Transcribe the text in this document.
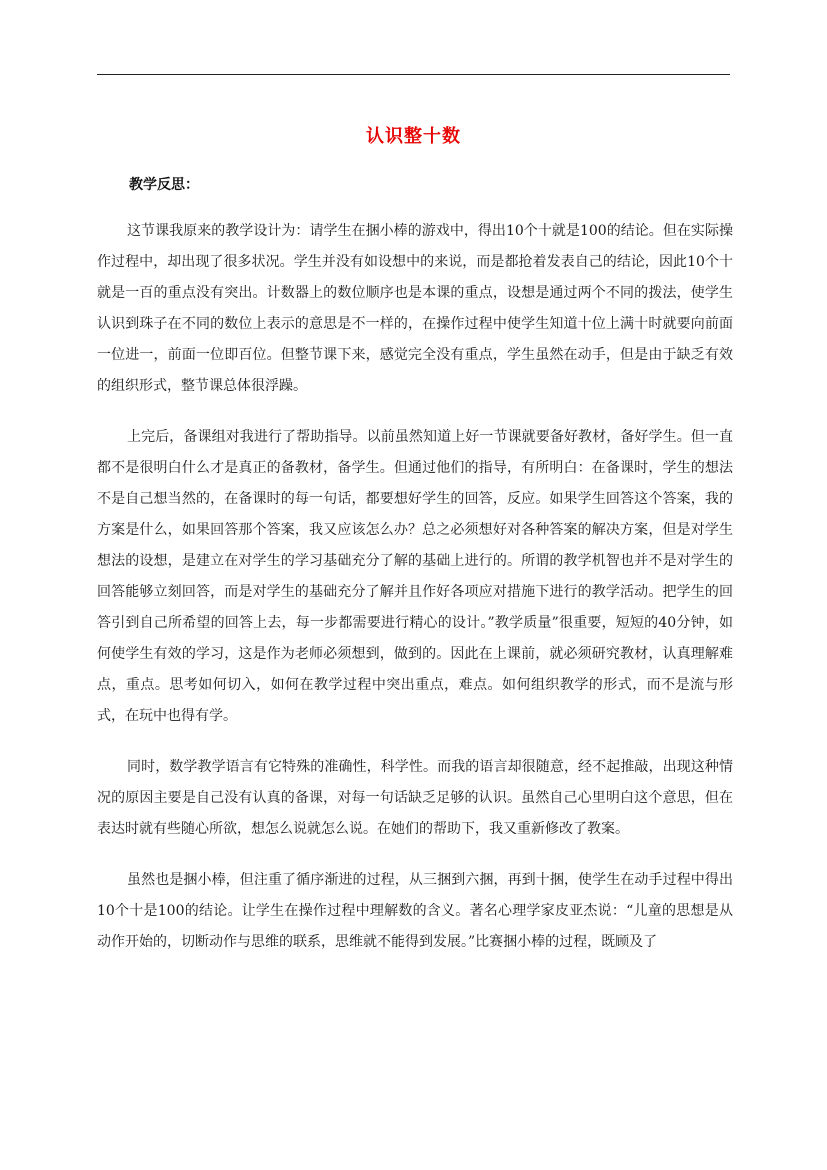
认识整十数
教学反思：

这节课我原来的教学设计为：请学生在捆小棒的游戏中，得出10个十就是100的结论。但在实际操作过程中，却出现了很多状况。学生并没有如设想中的来说，而是都抢着发表自己的结论，因此10个十就是一百的重点没有突出。计数器上的数位顺序也是本课的重点，设想是通过两个不同的拨法，使学生认识到珠子在不同的数位上表示的意思是不一样的，在操作过程中使学生知道十位上满十时就要向前面一位进一，前面一位即百位。但整节课下来，感觉完全没有重点，学生虽然在动手，但是由于缺乏有效的组织形式，整节课总体很浮躁。

上完后，备课组对我进行了帮助指导。以前虽然知道上好一节课就要备好教材，备好学生。但一直都不是很明白什么才是真正的备教材，备学生。但通过他们的指导，有所明白：在备课时，学生的想法不是自己想当然的，在备课时的每一句话，都要想好学生的回答，反应。如果学生回答这个答案，我的方案是什么，如果回答那个答案，我又应该怎么办？总之必须想好对各种答案的解决方案，但是对学生想法的设想，是建立在对学生的学习基础充分了解的基础上进行的。所谓的教学机智也并不是对学生的回答能够立刻回答，而是对学生的基础充分了解并且作好各项应对措施下进行的教学活动。把学生的回答引到自己所希望的回答上去，每一步都需要进行精心的设计。”教学质量”很重要，短短的40分钟，如何使学生有效的学习，这是作为老师必须想到，做到的。因此在上课前，就必须研究教材，认真理解难点，重点。思考如何切入，如何在教学过程中突出重点，难点。如何组织教学的形式，而不是流与形式，在玩中也得有学。

同时，数学教学语言有它特殊的准确性，科学性。而我的语言却很随意，经不起推敲，出现这种情况的原因主要是自己没有认真的备课，对每一句话缺乏足够的认识。虽然自己心里明白这个意思，但在表达时就有些随心所欲，想怎么说就怎么说。在她们的帮助下，我又重新修改了教案。

虽然也是捆小棒，但注重了循序渐进的过程，从三捆到六捆，再到十捆，使学生在动手过程中得出10个十是100的结论。让学生在操作过程中理解数的含义。著名心理学家皮亚杰说：“儿童的思想是从动作开始的，切断动作与思维的联系，思维就不能得到发展。”比赛捆小棒的过程，既顾及了
